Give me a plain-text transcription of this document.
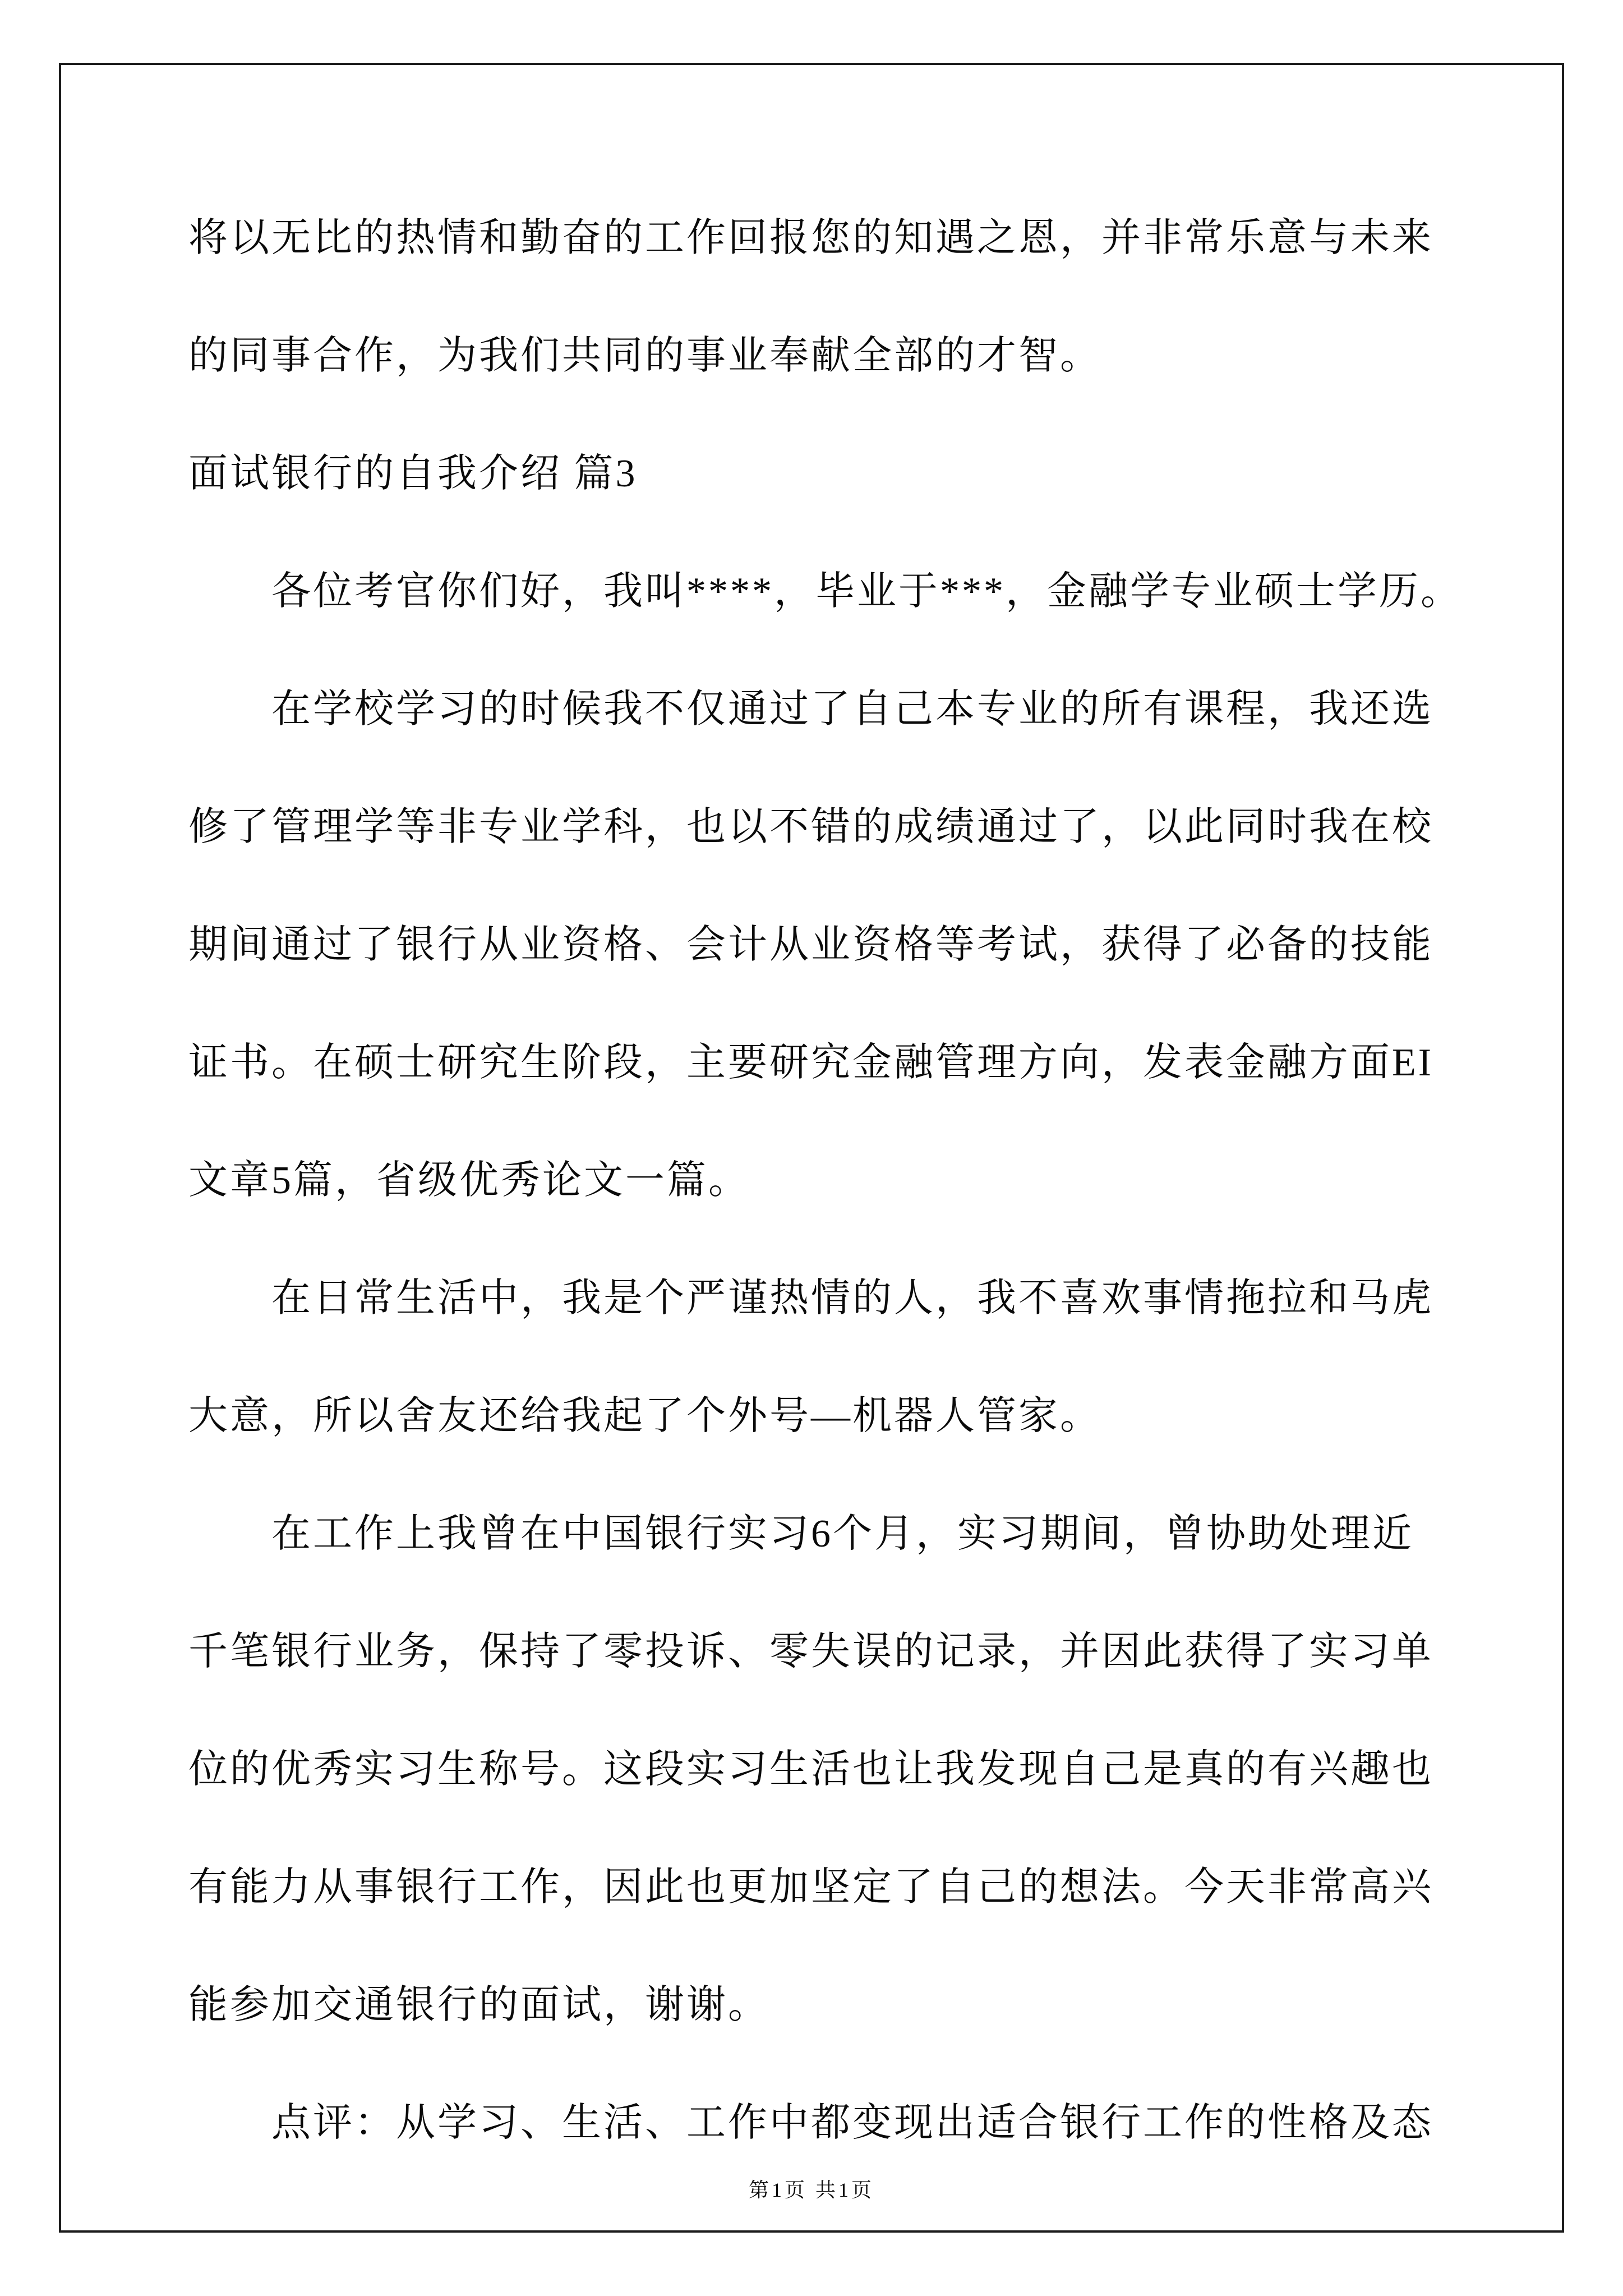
将以无比的热情和勤奋的工作回报您的知遇之恩，并非常乐意与未来
的同事合作，为我们共同的事业奉献全部的才智。
面试银行的自我介绍 篇3
各位考官你们好，我叫****，毕业于***，金融学专业硕士学历。
在学校学习的时候我不仅通过了自己本专业的所有课程，我还选
修了管理学等非专业学科，也以不错的成绩通过了，以此同时我在校
期间通过了银行从业资格、会计从业资格等考试，获得了必备的技能
证书。在硕士研究生阶段，主要研究金融管理方向，发表金融方面EI
文章5篇，省级优秀论文一篇。
在日常生活中，我是个严谨热情的人，我不喜欢事情拖拉和马虎
大意，所以舍友还给我起了个外号—机器人管家。
在工作上我曾在中国银行实习6个月，实习期间，曾协助处理近
千笔银行业务，保持了零投诉、零失误的记录，并因此获得了实习单
位的优秀实习生称号。这段实习生活也让我发现自己是真的有兴趣也
有能力从事银行工作，因此也更加坚定了自己的想法。今天非常高兴
能参加交通银行的面试，谢谢。
点评：从学习、生活、工作中都变现出适合银行工作的性格及态
第1页 共1页
